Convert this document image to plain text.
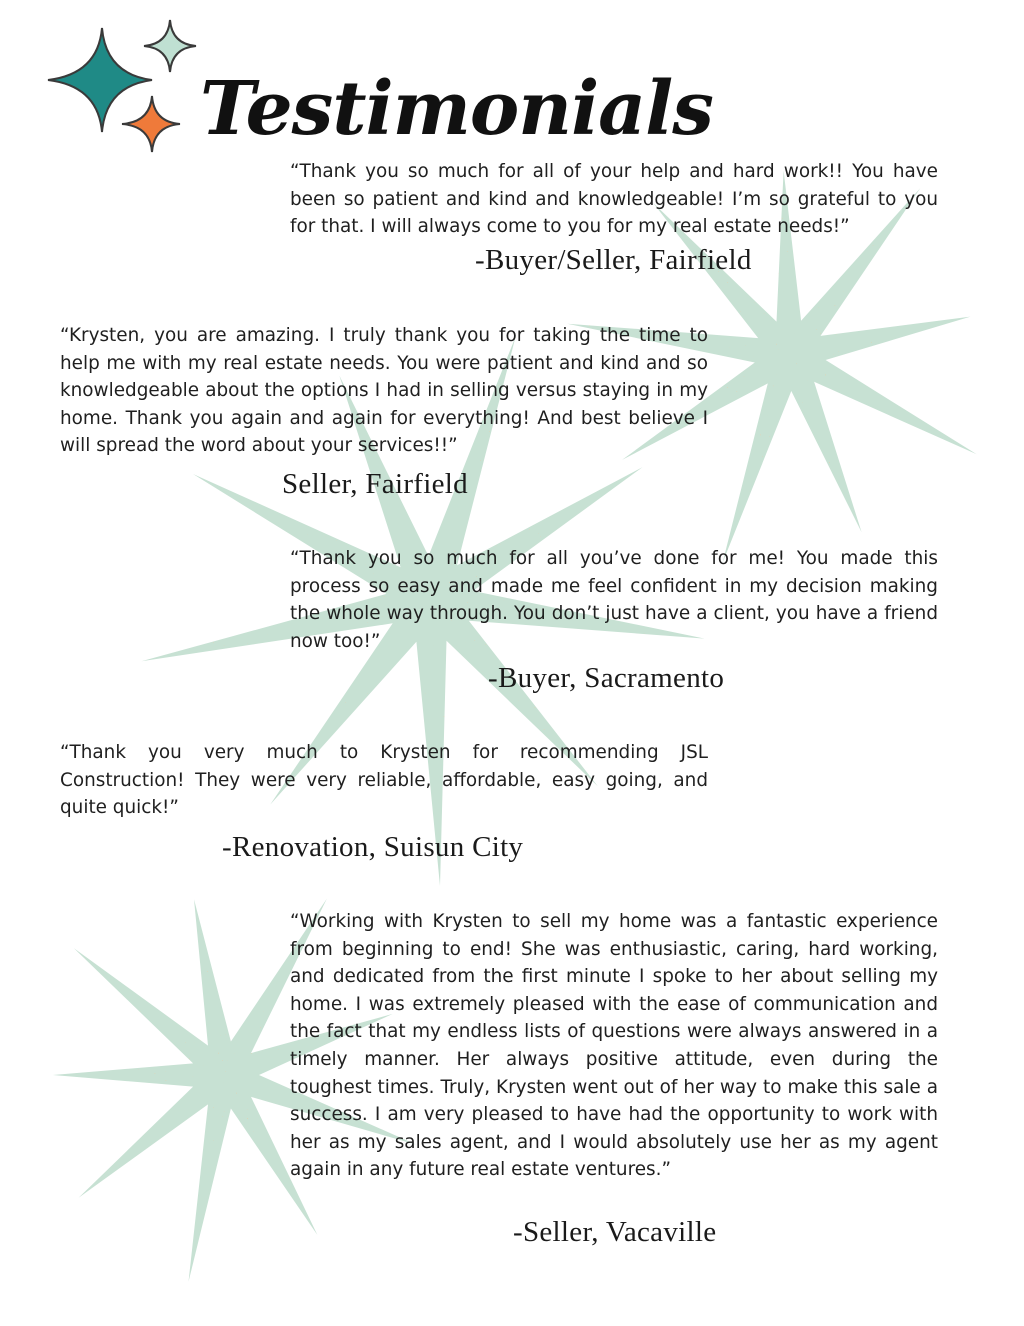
Testimonials

“Thank you so much for all of your help and hard work!! You have been so patient and kind and knowledgeable! I’m so grateful to you for that. I will always come to you for my real estate needs!”

-Buyer/Seller, Fairfield

“Krysten, you are amazing. I truly thank you for taking the time to help me with my real estate needs. You were patient and kind and so knowledgeable about the options I had in selling versus staying in my home. Thank you again and again for everything! And best believe I will spread the word about your services!!”

Seller, Fairfield

“Thank you so much for all you’ve done for me! You made this process so easy and made me feel confident in my decision making the whole way through. You don’t just have a client, you have a friend now too!”

-Buyer, Sacramento

“Thank you very much to Krysten for recommending JSL Construction! They were very reliable, affordable, easy going, and quite quick!”

-Renovation, Suisun City

“Working with Krysten to sell my home was a fantastic experience from beginning to end! She was enthusiastic, caring, hard working, and dedicated from the first minute I spoke to her about selling my home. I was extremely pleased with the ease of communication and the fact that my endless lists of questions were always answered in a timely manner. Her always positive attitude, even during the toughest times. Truly, Krysten went out of her way to make this sale a success. I am very pleased to have had the opportunity to work with her as my sales agent, and I would absolutely use her as my agent again in any future real estate ventures.”

-Seller, Vacaville
